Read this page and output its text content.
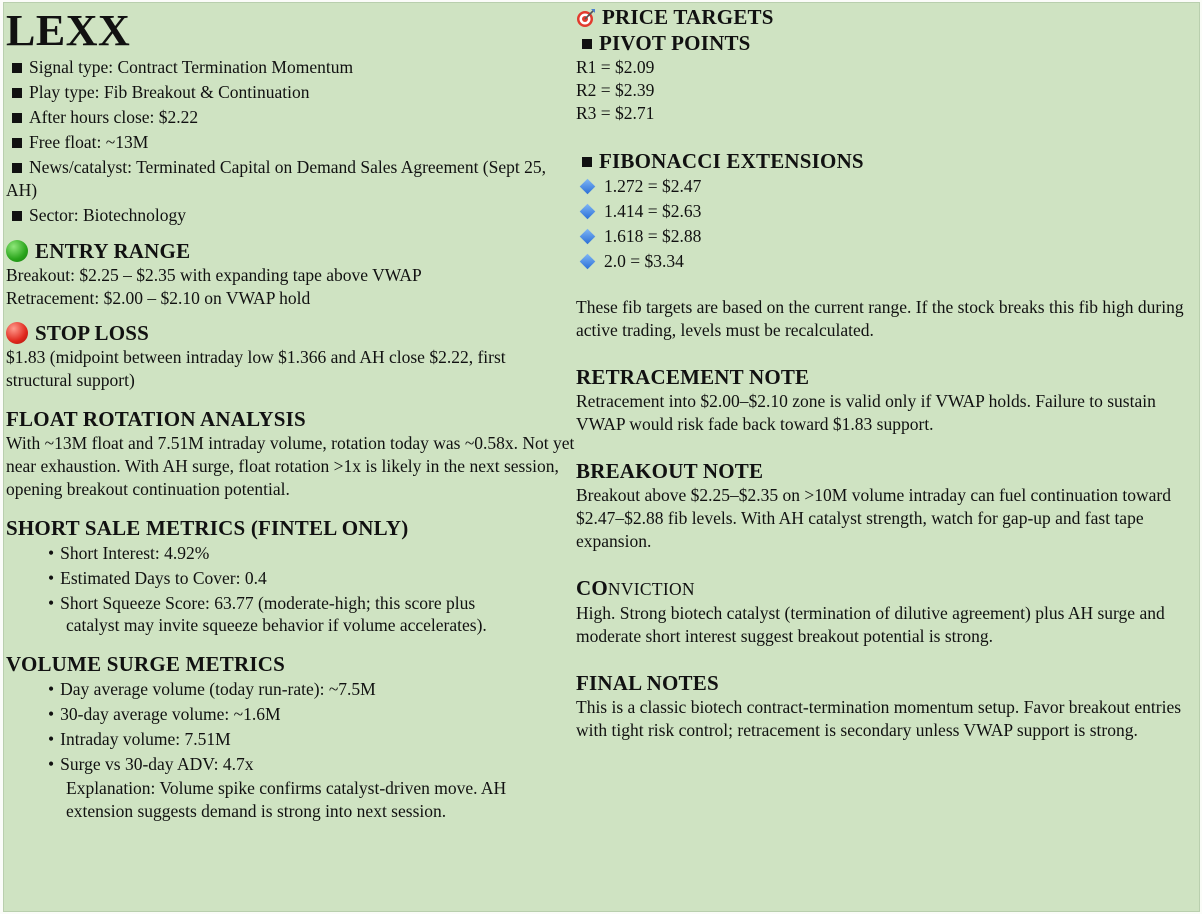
LEXX
Signal type: Contract Termination Momentum
Play type: Fib Breakout & Continuation
After hours close: $2.22
Free float: ~13M
News/catalyst: Terminated Capital on Demand Sales Agreement (Sept 25, AH)
Sector: Biotechnology
ENTRY RANGE
Breakout: $2.25 – $2.35 with expanding tape above VWAP
Retracement: $2.00 – $2.10 on VWAP hold
STOP LOSS
$1.83 (midpoint between intraday low $1.366 and AH close $2.22, first structural support)
FLOAT ROTATION ANALYSIS
With ~13M float and 7.51M intraday volume, rotation today was ~0.58x. Not yet near exhaustion. With AH surge, float rotation >1x is likely in the next session, opening breakout continuation potential.
SHORT SALE METRICS (FINTEL ONLY)
• Short Interest: 4.92%
• Estimated Days to Cover: 0.4
• Short Squeeze Score: 63.77 (moderate-high; this score plus
catalyst may invite squeeze behavior if volume accelerates).
VOLUME SURGE METRICS
• Day average volume (today run-rate): ~7.5M
• 30-day average volume: ~1.6M
• Intraday volume: 7.51M
• Surge vs 30-day ADV: 4.7x
Explanation: Volume spike confirms catalyst-driven move. AH extension suggests demand is strong into next session.
PRICE TARGETS
PIVOT POINTS
R1 = $2.09
R2 = $2.39
R3 = $2.71
FIBONACCI EXTENSIONS
1.272 = $2.47
1.414 = $2.63
1.618 = $2.88
2.0 = $3.34
These fib targets are based on the current range. If the stock breaks this fib high during active trading, levels must be recalculated.
RETRACEMENT NOTE
Retracement into $2.00–$2.10 zone is valid only if VWAP holds. Failure to sustain VWAP would risk fade back toward $1.83 support.
BREAKOUT NOTE
Breakout above $2.25–$2.35 on >10M volume intraday can fuel continuation toward $2.47–$2.88 fib levels. With AH catalyst strength, watch for gap-up and fast tape expansion.
CONVICTION
High. Strong biotech catalyst (termination of dilutive agreement) plus AH surge and moderate short interest suggest breakout potential is strong.
FINAL NOTES
This is a classic biotech contract-termination momentum setup. Favor breakout entries with tight risk control; retracement is secondary unless VWAP support is strong.
